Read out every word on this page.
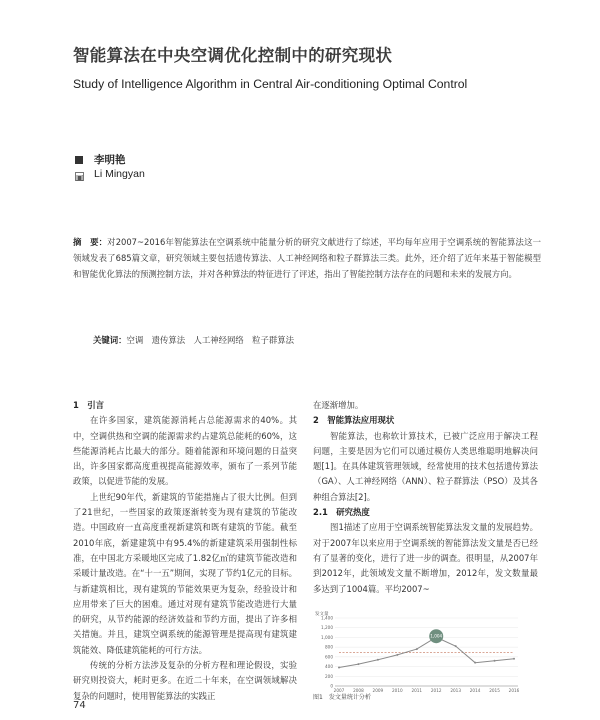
智能算法在中央空调优化控制中的研究现状
Study of Intelligence Algorithm in Central Air-conditioning Optimal Control
李明艳
▣ Li Mingyan
摘　要：对2007~2016年智能算法在空调系统中能量分析的研究文献进行了综述，平均每年应用于空调系统的智能算法这一领域发表了685篇文章，研究领域主要包括遗传算法、人工神经网络和粒子群算法三类。此外，还介绍了近年来基于智能模型和智能优化算法的预测控制方法，并对各种算法的特征进行了评述，指出了智能控制方法存在的问题和未来的发展方向。
关键词：空调　遗传算法　人工神经网络　粒子群算法

1　引言

在许多国家，建筑能源消耗占总能源需求的40%。其中，空调供热和空调的能源需求约占建筑总能耗的60%，这些能源消耗占比最大的部分。随着能源和环境问题的日益突出，许多国家都高度重视提高能源效率，颁布了一系列节能政策，以促进节能的发展。

上世纪90年代，新建筑的节能措施占了很大比例。但到了21世纪，一些国家的政策逐渐转变为现有建筑的节能改造。中国政府一直高度重视新建筑和既有建筑的节能。截至2010年底，新建建筑中有95.4%的新建建筑采用强制性标准，在中国北方采暖地区完成了1.82亿㎡的建筑节能改造和采暖计量改造。在“十一五”期间，实现了节约1亿元的目标。与新建筑相比，现有建筑的节能效果更为复杂，经验设计和应用带来了巨大的困难。通过对现有建筑节能改造进行大量的研究，从节约能源的经济效益和节约方面，提出了许多相关措施。并且，建筑空调系统的能源管理是提高现有建筑建筑能效、降低建筑能耗的可行方法。

传统的分析方法涉及复杂的分析方程和理论假设，实验研究则投资大，耗时更多。在近二十年来，在空调领域解决复杂的问题时，使用智能算法的实践正

在逐渐增加。

2　智能算法应用现状

智能算法，也称软计算技术，已被广泛应用于解决工程问题，主要是因为它们可以通过模仿人类思维聪明地解决问题[1]。在具体建筑管理领域，经常使用的技术包括遗传算法（GA）、人工神经网络（ANN）、粒子群算法（PSO）及其各种组合算法[2]。

2.1　研究热度

图1描述了应用于空调系统智能算法发文量的发展趋势。对于2007年以来应用于空调系统的智能算法发文量是否已经有了显著的变化，进行了进一步的调查。很明显，从2007年到2012年，此领域发文量不断增加，2012年，发文数量最多达到了1004篇。平均2007~

发文量
0
200
400
600
800
1,000
1,200
1,400
2007 2008 2009 2010 2011 2012 2013 2014 2015 2016
1,004
图1　发文量统计分析
74
